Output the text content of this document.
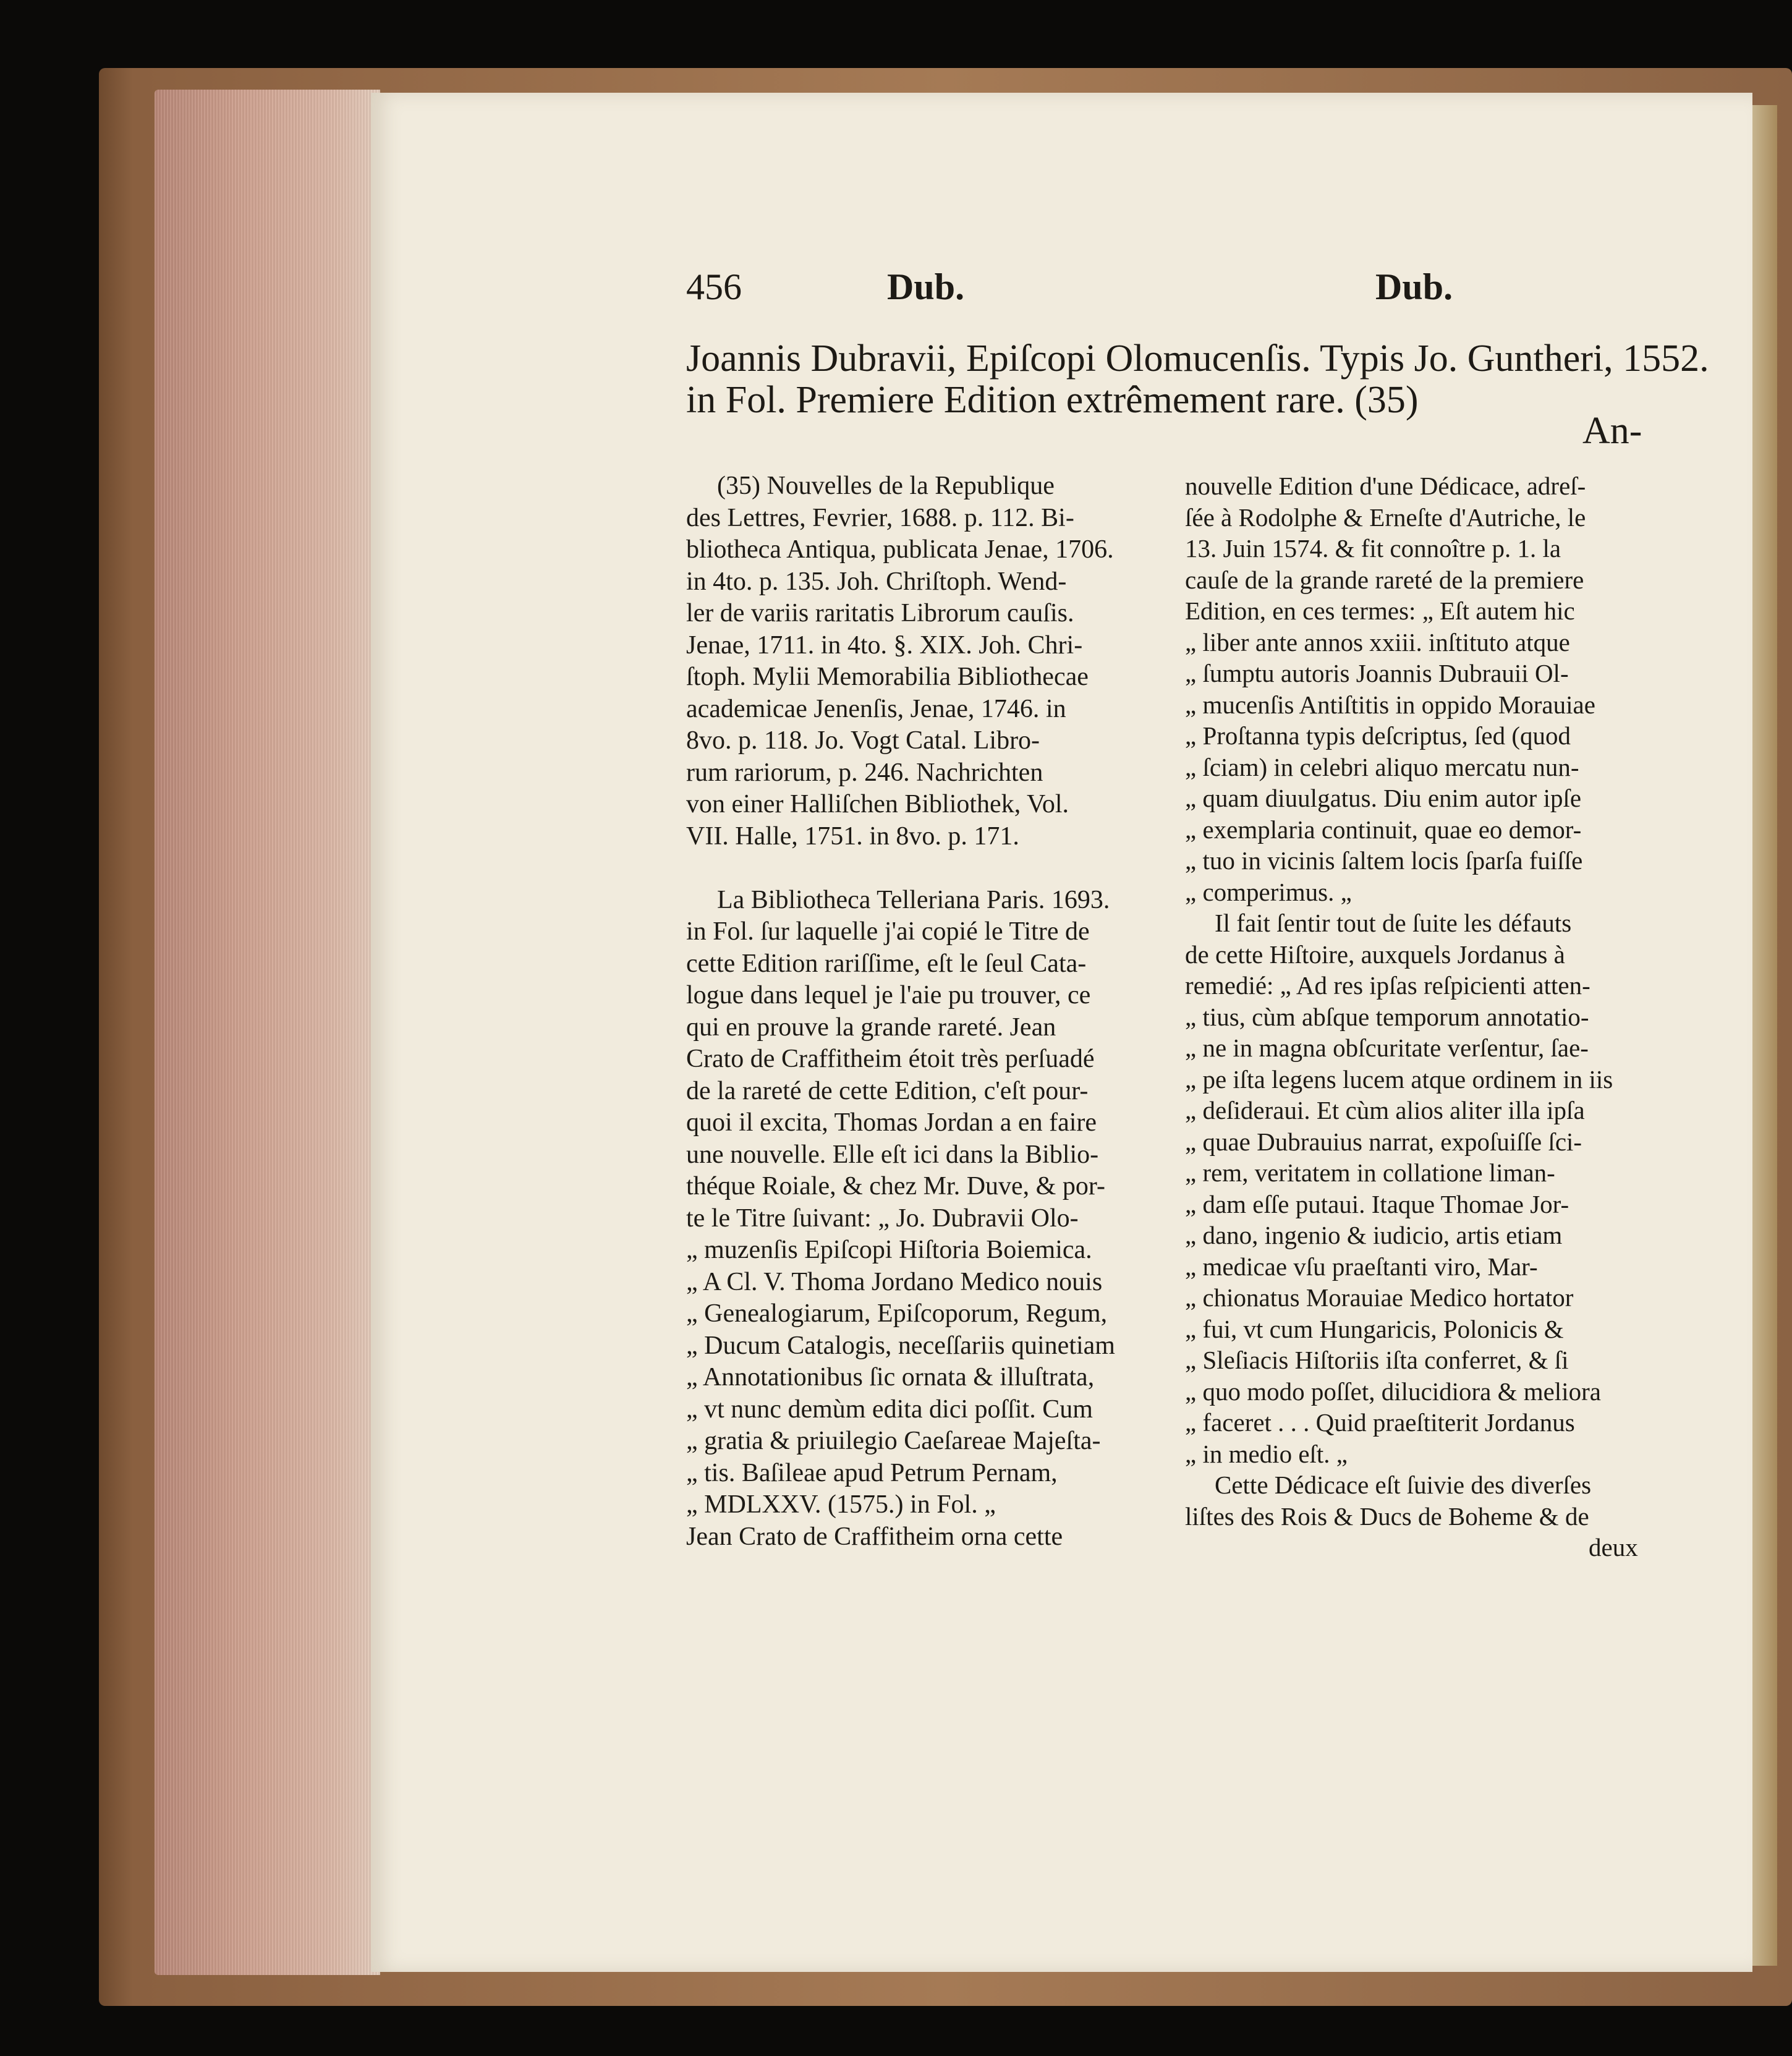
456	Dub.	Dub.
Joannis Dubravii, Epiſcopi Olomucenſis. Typis Jo. Guntheri, 1552.
in Fol. Premiere Edition extrêmement rare. (35)
An-
(35) Nouvelles de la Republique
des Lettres, Fevrier, 1688. p. 112. Bi-
bliotheca Antiqua, publicata Jenae, 1706.
in 4to. p. 135. Joh. Chriſtoph. Wend-
ler de variis raritatis Librorum cauſis.
Jenae, 1711. in 4to. §. XIX. Joh. Chri-
ſtoph. Mylii Memorabilia Bibliothecae
academicae Jenenſis, Jenae, 1746. in
8vo. p. 118. Jo. Vogt Catal. Libro-
rum rariorum, p. 246. Nachrichten
von einer Halliſchen Bibliothek, Vol.
VII. Halle, 1751. in 8vo. p. 171.
La Bibliotheca Telleriana Paris. 1693.
in Fol. ſur laquelle j'ai copié le Titre de
cette Edition rariſſime, eſt le ſeul Cata-
logue dans lequel je l'aie pu trouver, ce
qui en prouve la grande rareté. Jean
Crato de Craffitheim étoit très perſuadé
de la rareté de cette Edition, c'eſt pour-
quoi il excita, Thomas Jordan a en faire
une nouvelle. Elle eſt ici dans la Biblio-
théque Roiale, & chez Mr. Duve, & por-
te le Titre ſuivant: „ Jo. Dubravii Olo-
„ muzenſis Epiſcopi Hiſtoria Boiemica.
„ A Cl. V. Thoma Jordano Medico nouis
„ Genealogiarum, Epiſcoporum, Regum,
„ Ducum Catalogis, neceſſariis quinetiam
„ Annotationibus ſic ornata & illuſtrata,
„ vt nunc demùm edita dici poſſit. Cum
„ gratia & priuilegio Caeſareae Majeſta-
„ tis. Baſileae apud Petrum Pernam,
„ MDLXXV. (1575.) in Fol. „
Jean Crato de Craffitheim orna cette
nouvelle Edition d'une Dédicace, adreſ-
ſée à Rodolphe & Erneſte d'Autriche, le
13. Juin 1574. & fit connoître p. 1. la
cauſe de la grande rareté de la premiere
Edition, en ces termes: „ Eſt autem hic
„ liber ante annos xxiii. inſtituto atque
„ ſumptu autoris Joannis Dubrauii Ol-
„ mucenſis Antiſtitis in oppido Morauiae
„ Proſtanna typis deſcriptus, ſed (quod
„ ſciam) in celebri aliquo mercatu nun-
„ quam diuulgatus. Diu enim autor ipſe
„ exemplaria continuit, quae eo demor-
„ tuo in vicinis ſaltem locis ſparſa fuiſſe
„ comperimus. „
Il fait ſentir tout de ſuite les défauts
de cette Hiſtoire, auxquels Jordanus à
remedié: „ Ad res ipſas reſpicienti atten-
„ tius, cùm abſque temporum annotatio-
„ ne in magna obſcuritate verſentur, ſae-
„ pe iſta legens lucem atque ordinem in iis
„ deſideraui. Et cùm alios aliter illa ipſa
„ quae Dubrauius narrat, expoſuiſſe ſci-
„ rem, veritatem in collatione liman-
„ dam eſſe putaui. Itaque Thomae Jor-
„ dano, ingenio & iudicio, artis etiam
„ medicae vſu praeſtanti viro, Mar-
„ chionatus Morauiae Medico hortator
„ fui, vt cum Hungaricis, Polonicis &
„ Sleſiacis Hiſtoriis iſta conferret, & ſi
„ quo modo poſſet, dilucidiora & meliora
„ faceret . . . Quid praeſtiterit Jordanus
„ in medio eſt. „
Cette Dédicace eſt ſuivie des diverſes
liſtes des Rois & Ducs de Boheme & de
deux
